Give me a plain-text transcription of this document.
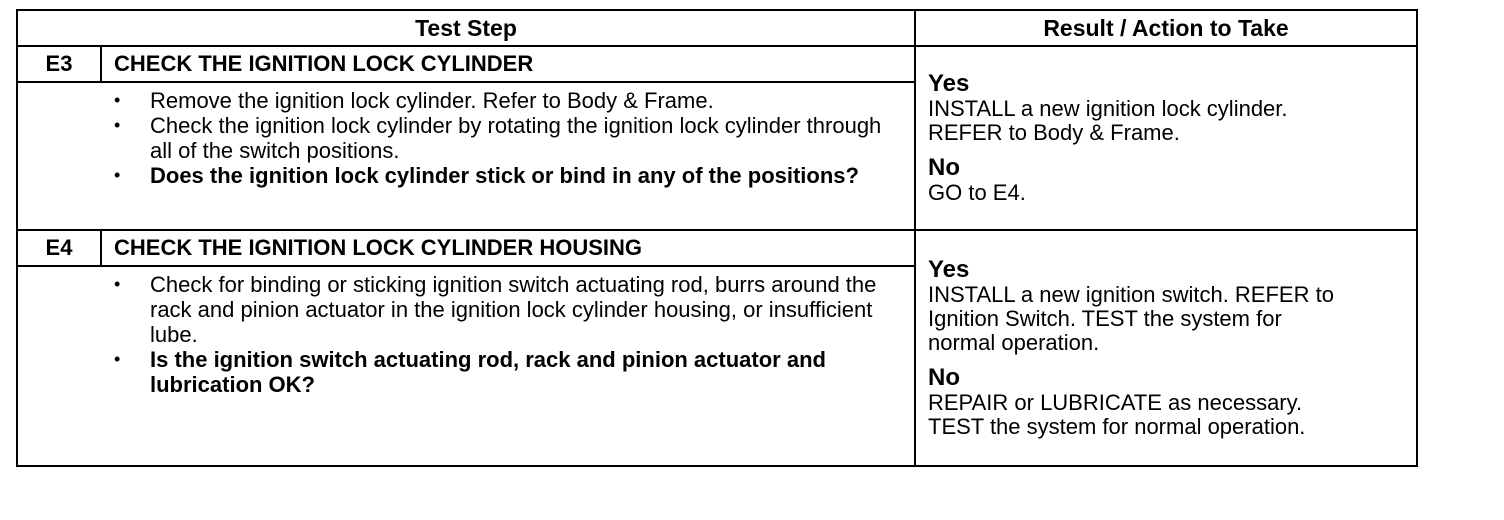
Test Step	Result / Action to Take
E3	CHECK THE IGNITION LOCK CYLINDER
•	Remove the ignition lock cylinder. Refer to Body & Frame.
•	Check the ignition lock cylinder by rotating the ignition lock cylinder through all of the switch positions.
•	Does the ignition lock cylinder stick or bind in any of the positions?
Yes
INSTALL a new ignition lock cylinder.
REFER to Body & Frame.
No
GO to E4.
E4	CHECK THE IGNITION LOCK CYLINDER HOUSING
•	Check for binding or sticking ignition switch actuating rod, burrs around the rack and pinion actuator in the ignition lock cylinder housing, or insufficient lube.
•	Is the ignition switch actuating rod, rack and pinion actuator and lubrication OK?
Yes
INSTALL a new ignition switch. REFER to
Ignition Switch. TEST the system for
normal operation.
No
REPAIR or LUBRICATE as necessary.
TEST the system for normal operation.
